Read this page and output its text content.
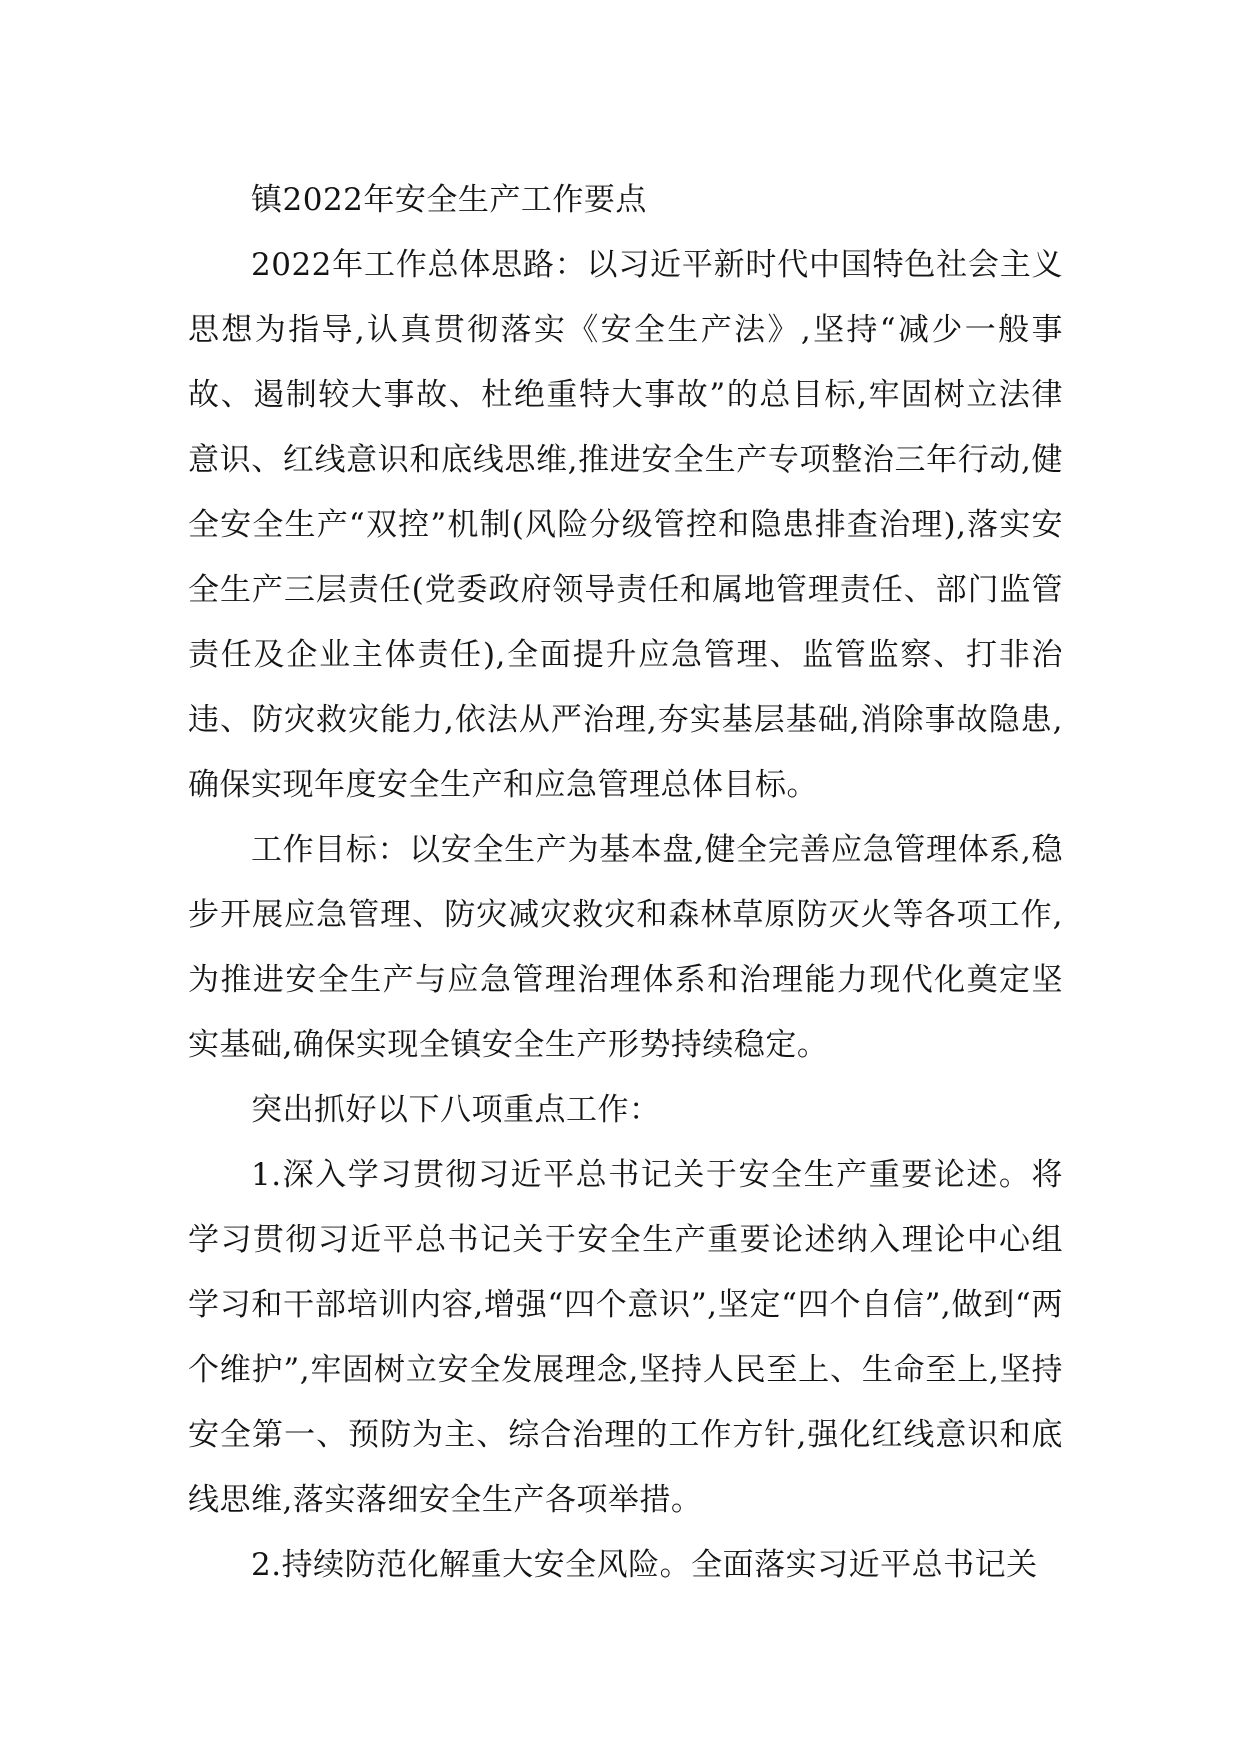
镇2022年安全生产工作要点

2022年工作总体思路：以习近平新时代中国特色社会主义思想为指导,认真贯彻落实《安全生产法》,坚持“减少一般事故、遏制较大事故、杜绝重特大事故”的总目标,牢固树立法律意识、红线意识和底线思维,推进安全生产专项整治三年行动,健全安全生产“双控”机制(风险分级管控和隐患排查治理),落实安全生产三层责任(党委政府领导责任和属地管理责任、部门监管责任及企业主体责任),全面提升应急管理、监管监察、打非治违、防灾救灾能力,依法从严治理,夯实基层基础,消除事故隐患,确保实现年度安全生产和应急管理总体目标。

工作目标：以安全生产为基本盘,健全完善应急管理体系,稳步开展应急管理、防灾减灾救灾和森林草原防灭火等各项工作,为推进安全生产与应急管理治理体系和治理能力现代化奠定坚实基础,确保实现全镇安全生产形势持续稳定。

突出抓好以下八项重点工作：

1.深入学习贯彻习近平总书记关于安全生产重要论述。将学习贯彻习近平总书记关于安全生产重要论述纳入理论中心组学习和干部培训内容,增强“四个意识”,坚定“四个自信”,做到“两个维护”,牢固树立安全发展理念,坚持人民至上、生命至上,坚持安全第一、预防为主、综合治理的工作方针,强化红线意识和底线思维,落实落细安全生产各项举措。

2.持续防范化解重大安全风险。全面落实习近平总书记关
